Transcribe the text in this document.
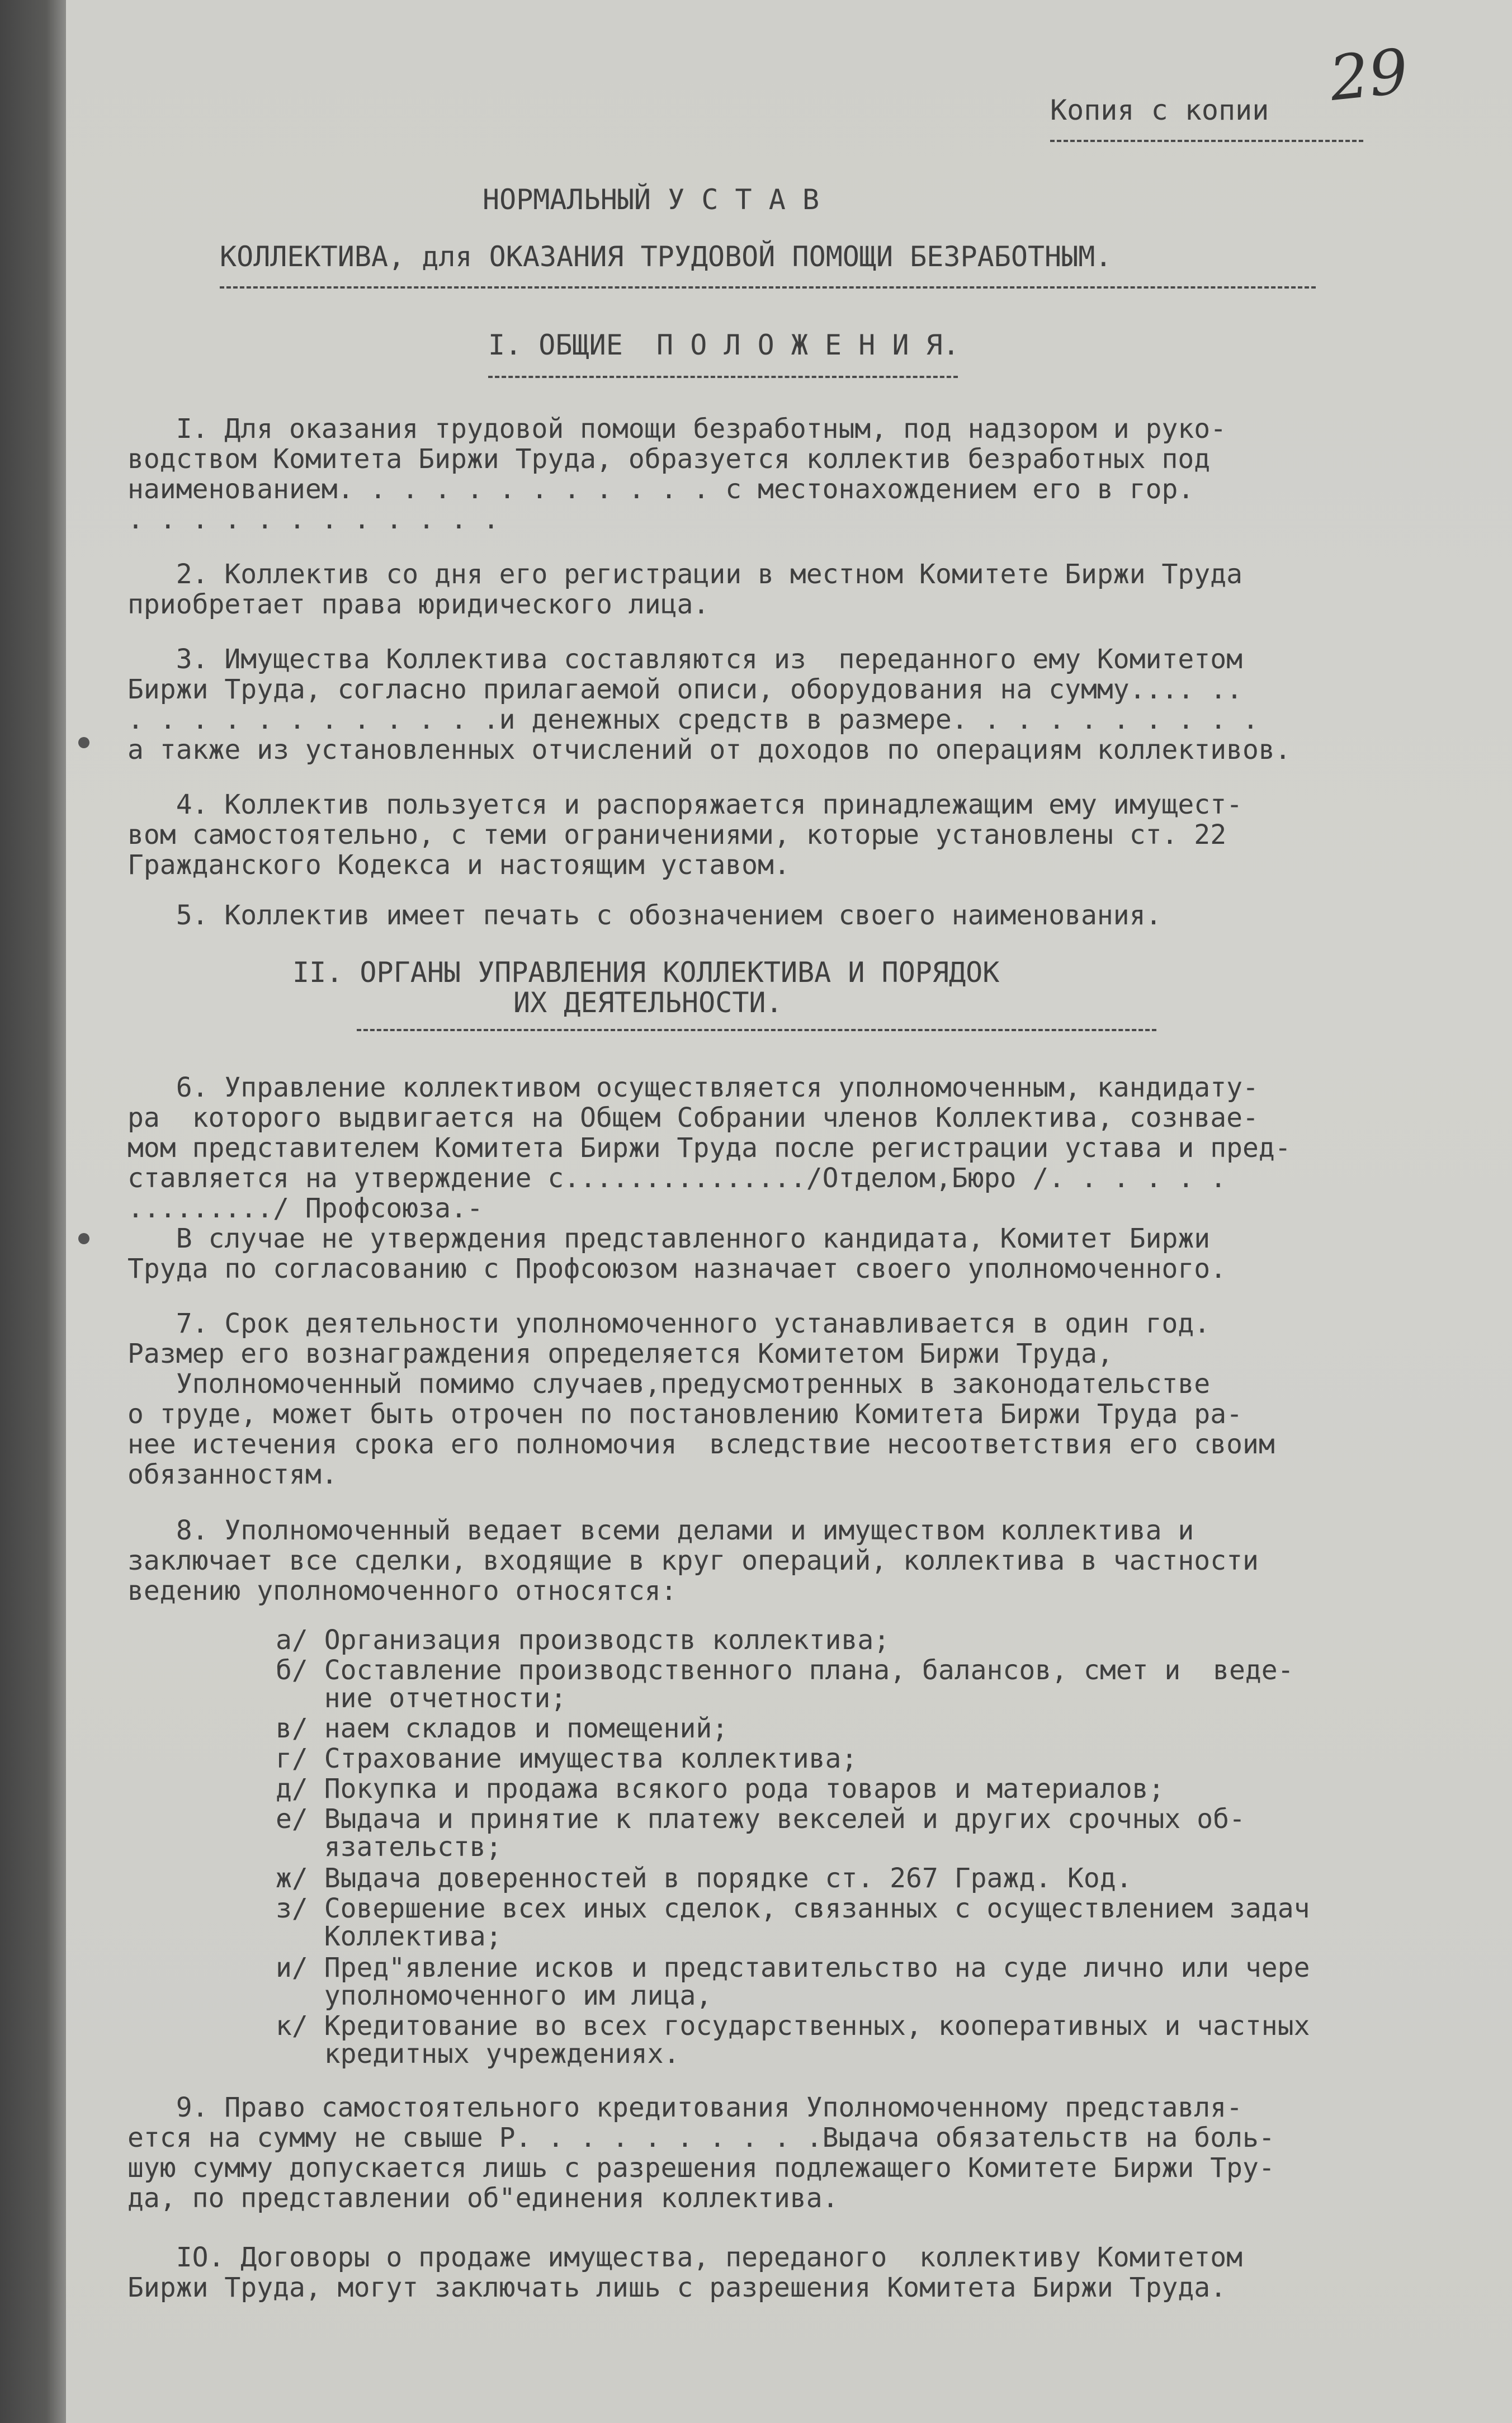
Копия с копии 29
НОРМАЛЬНЫЙ У С Т А В
КОЛЛЕКТИВА, для ОКАЗАНИЯ ТРУДОВОЙ ПОМОЩИ БЕЗРАБОТНЫМ.
I. ОБЩИЕ  П О Л О Ж Е Н И Я.
I. Для оказания трудовой помощи безработным, под надзором и руко-
водством Комитета Биржи Труда, образуется коллектив безработных под
наименованием. . . . . . . . . . . . с местонахождением его в гор.
. . . . . . . . . . . .
2. Коллектив со дня его регистрации в местном Комитете Биржи Труда
приобретает права юридического лица.
3. Имущества Коллектива составляются из  переданного ему Комитетом
Биржи Труда, согласно прилагаемой описи, оборудования на сумму.... ..
. . . . . . . . . . . .и денежных средств в размере. . . . . . . . . .
а также из установленных отчислений от доходов по операциям коллективов.
4. Коллектив пользуется и распоряжается принадлежащим ему имущест-
вом самостоятельно, с теми ограничениями, которые установлены ст. 22
Гражданского Кодекса и настоящим уставом.
5. Коллектив имеет печать с обозначением своего наименования.
II. ОРГАНЫ УПРАВЛЕНИЯ КОЛЛЕКТИВА И ПОРЯДОК
ИХ ДЕЯТЕЛЬНОСТИ.
6. Управление коллективом осуществляется уполномоченным, кандидату-
ра  которого выдвигается на Общем Собрании членов Коллектива, сознвае-
мом представителем Комитета Биржи Труда после регистрации устава и пред-
ставляется на утверждение с.............../Отделом,Бюро /. . . . . .
........./ Профсоюза.-
В случае не утверждения представленного кандидата, Комитет Биржи
Труда по согласованию с Профсоюзом назначает своего уполномоченного.
7. Срок деятельности уполномоченного устанавливается в один год.
Размер его вознаграждения определяется Комитетом Биржи Труда,
Уполномоченный помимо случаев,предусмотренных в законодательстве
о труде, может быть отрочен по постановлению Комитета Биржи Труда ра-
нее истечения срока его полномочия  вследствие несоответствия его своим
обязанностям.
8. Уполномоченный ведает всеми делами и имуществом коллектива и
заключает все сделки, входящие в круг операций, коллектива в частности
ведению уполномоченного относятся:
а/ Организация производств коллектива;
б/ Составление производственного плана, балансов, смет и  веде-
ние отчетности;
в/ наем складов и помещений;
г/ Страхование имущества коллектива;
д/ Покупка и продажа всякого рода товаров и материалов;
е/ Выдача и принятие к платежу векселей и других срочных об-
язательств;
ж/ Выдача доверенностей в порядке ст. 267 Гражд. Код.
з/ Совершение всех иных сделок, связанных с осуществлением задач
Коллектива;
и/ Пред"явление исков и представительство на суде лично или чере
уполномоченного им лица,
к/ Кредитование во всех государственных, кооперативных и частных
кредитных учреждениях.
9. Право самостоятельного кредитования Уполномоченному представля-
ется на сумму не свыше Р. . . . . . . . . .Выдача обязательств на боль-
шую сумму допускается лишь с разрешения подлежащего Комитете Биржи Тру-
да, по представлении об"единения коллектива.
IO. Договоры о продаже имущества, переданого  коллективу Комитетом
Биржи Труда, могут заключать лишь с разрешения Комитета Биржи Труда.
